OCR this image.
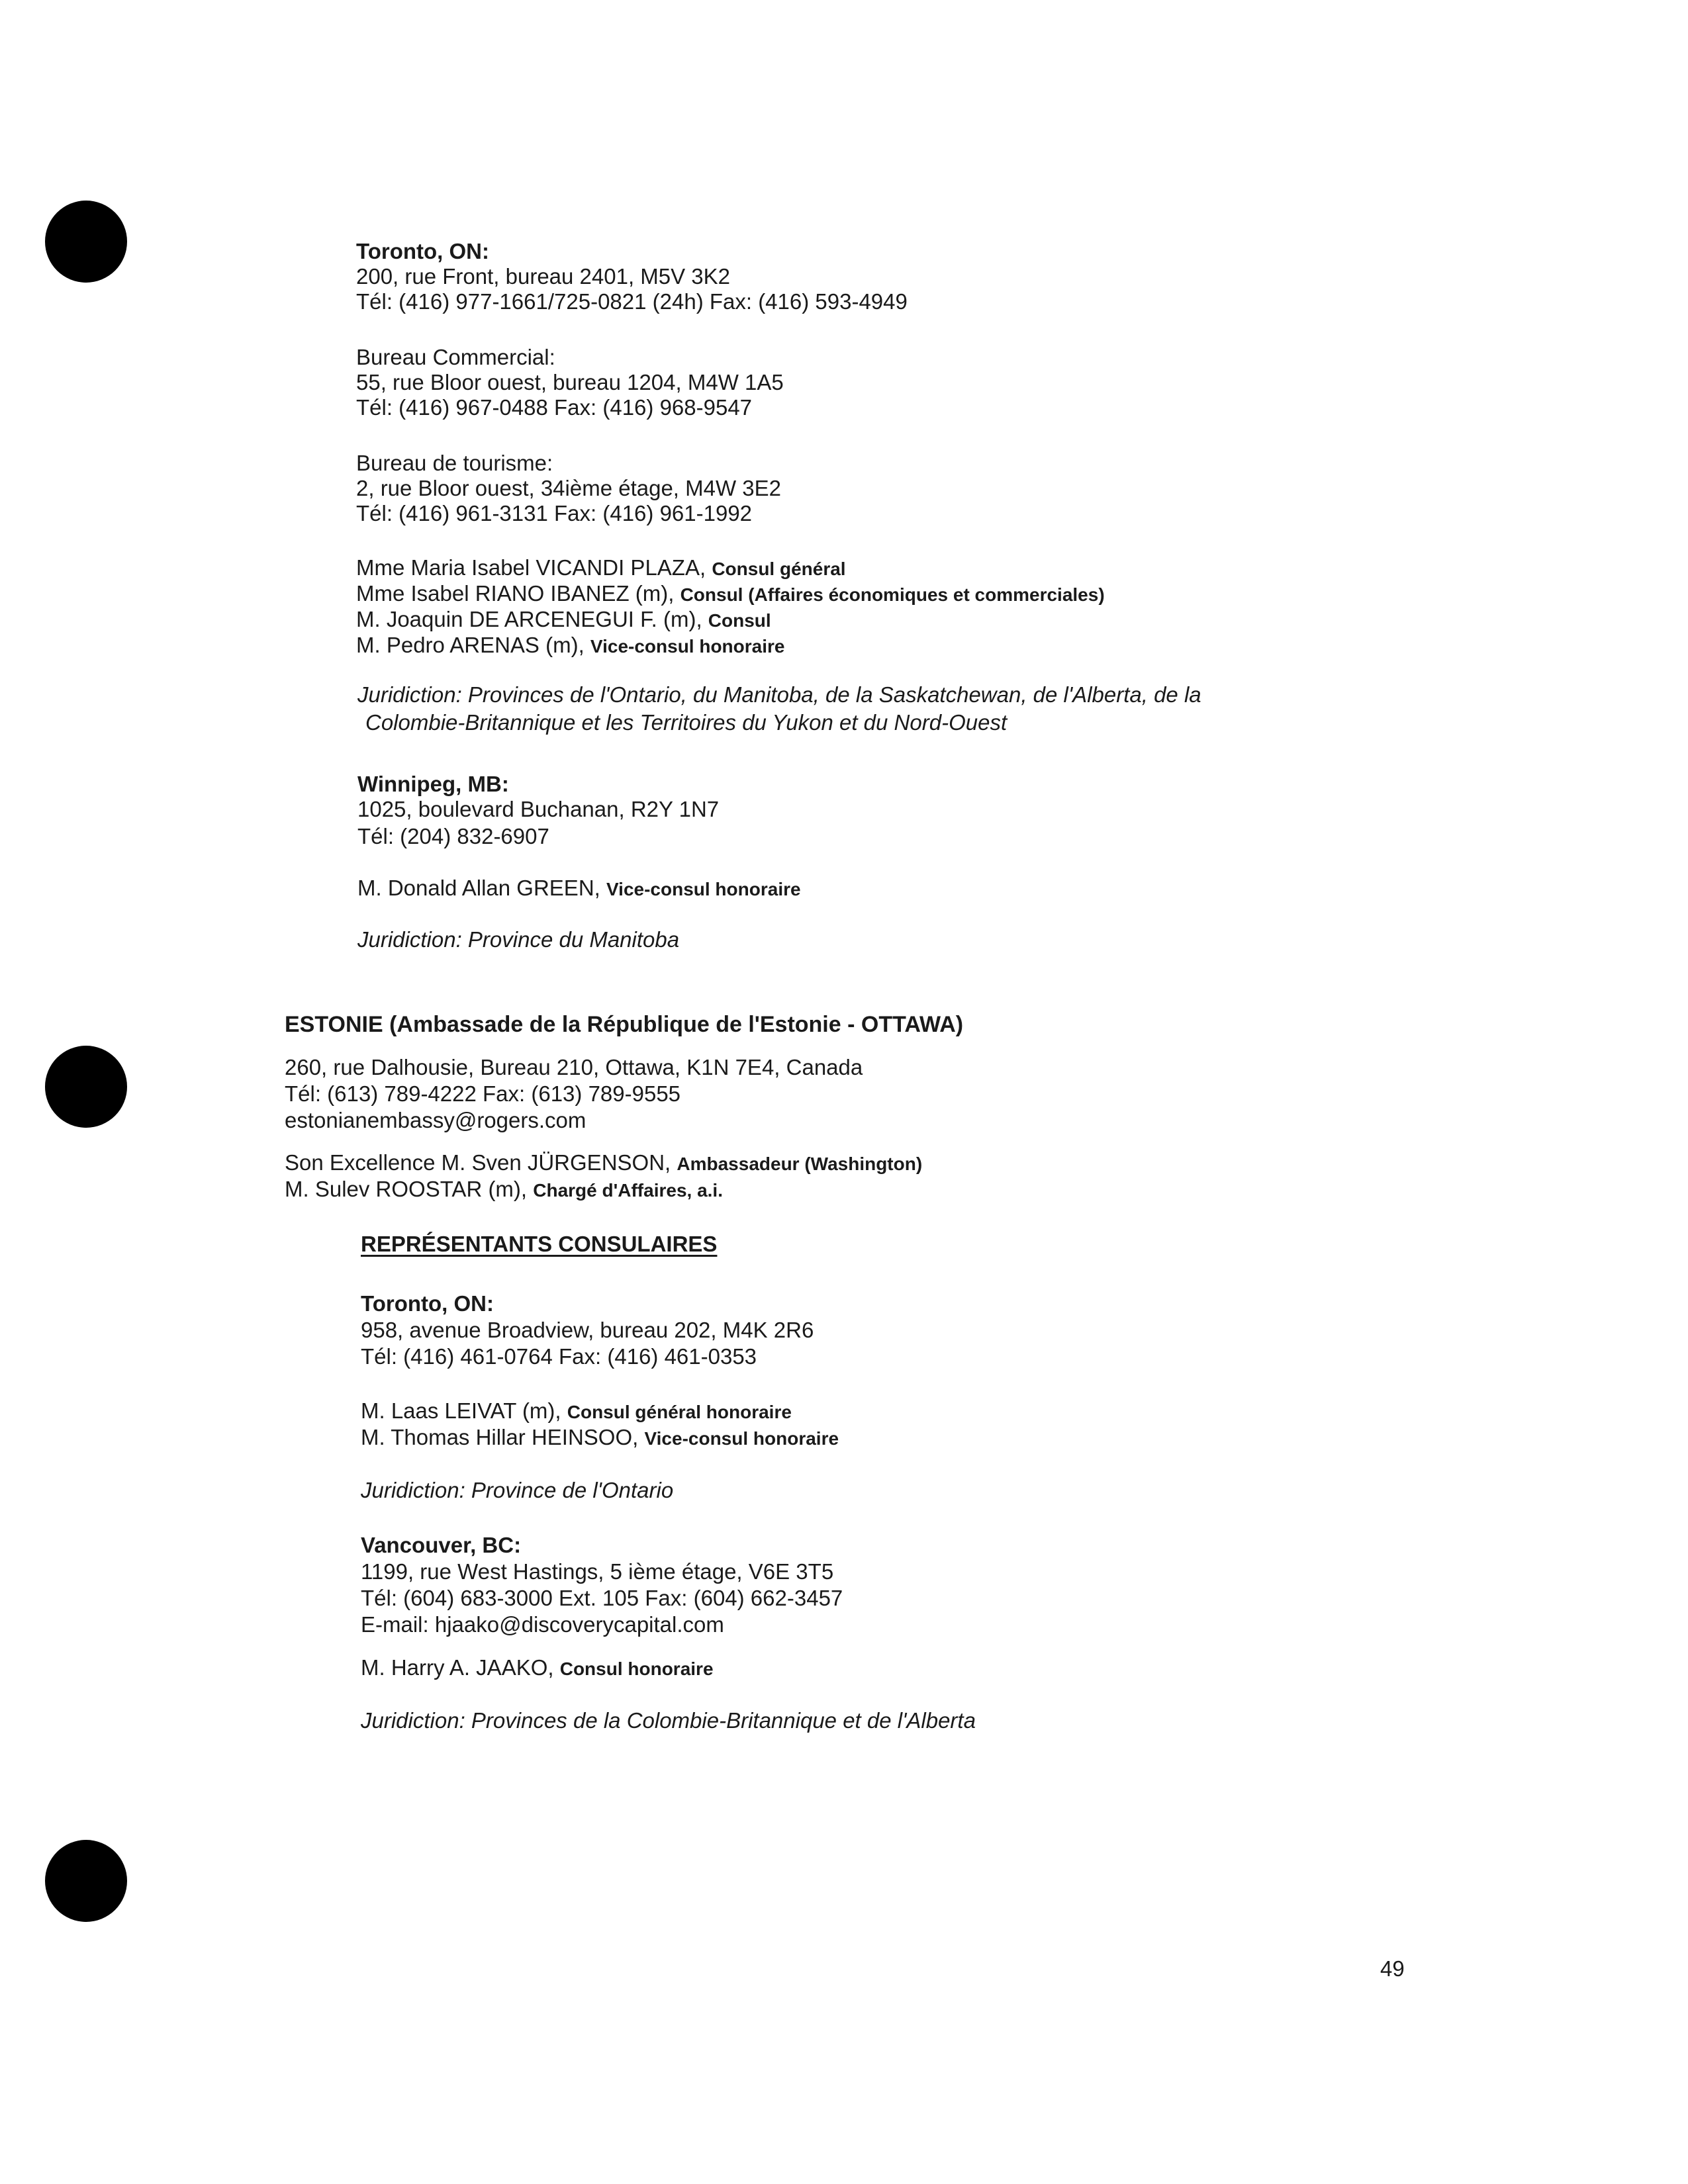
Toronto, ON:
200, rue Front, bureau 2401, M5V 3K2
Tél: (416) 977-1661/725-0821 (24h) Fax: (416) 593-4949
Bureau Commercial:
55, rue Bloor ouest, bureau 1204, M4W 1A5
Tél: (416) 967-0488 Fax: (416) 968-9547
Bureau de tourisme:
2, rue Bloor ouest, 34ième étage, M4W 3E2
Tél: (416) 961-3131 Fax: (416) 961-1992
Mme Maria Isabel VICANDI PLAZA, Consul général
Mme Isabel RIANO IBANEZ (m), Consul (Affaires économiques et commerciales)
M. Joaquin DE ARCENEGUI F. (m), Consul
M. Pedro ARENAS (m), Vice-consul honoraire
Juridiction: Provinces de l'Ontario, du Manitoba, de la Saskatchewan, de l'Alberta, de la
Colombie-Britannique et les Territoires du Yukon et du Nord-Ouest
Winnipeg, MB:
1025, boulevard Buchanan, R2Y 1N7
Tél: (204) 832-6907
M. Donald Allan GREEN, Vice-consul honoraire
Juridiction: Province du Manitoba
ESTONIE (Ambassade de la République de l'Estonie - OTTAWA)
260, rue Dalhousie, Bureau 210, Ottawa, K1N 7E4, Canada
Tél: (613) 789-4222 Fax: (613) 789-9555
estonianembassy@rogers.com
Son Excellence M. Sven JÜRGENSON, Ambassadeur (Washington)
M. Sulev ROOSTAR (m), Chargé d'Affaires, a.i.
REPRÉSENTANTS CONSULAIRES
Toronto, ON:
958, avenue Broadview, bureau 202, M4K 2R6
Tél: (416) 461-0764 Fax: (416) 461-0353
M. Laas LEIVAT (m), Consul général honoraire
M. Thomas Hillar HEINSOO, Vice-consul honoraire
Juridiction: Province de l'Ontario
Vancouver, BC:
1199, rue West Hastings, 5 ième étage, V6E 3T5
Tél: (604) 683-3000 Ext. 105 Fax: (604) 662-3457
E-mail: hjaako@discoverycapital.com
M. Harry A. JAAKO, Consul honoraire
Juridiction: Provinces de la Colombie-Britannique et de l'Alberta
49
